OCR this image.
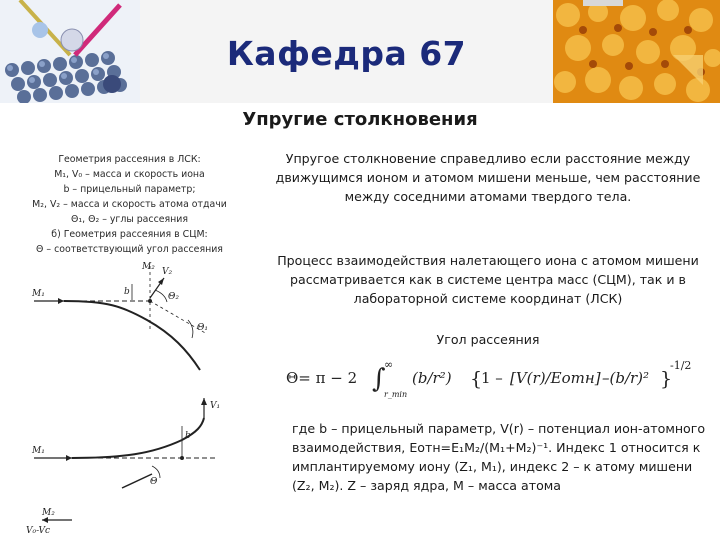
Кафедра 67
Упругие столкновения
Геометрия рассеяния в ЛСК:
M₁, V₀ – масса и скорость иона
b – прицельный параметр;
M₂, V₂ – масса и скорость атома отдачи
Θ₁, Θ₂ – углы рассеяния
б) Геометрия рассеяния в СЦМ:
Θ – соответствующий угол рассеяния
M₁
M₂
Θ₂
Θ₁
b
V₂
M₁
M₂
Θ
b
V₁
V₀-Vc
Упругое столкновение справедливо если расстояние между движущимся ионом и атомом мишени меньше, чем расстояние между соседними атомами твердого тела.
Процесс взаимодействия налетающего иона с атомом мишени рассматривается как в системе центра масс (СЦМ), так и в лабораторной системе координат (ЛСК)
Угол рассеяния
Θ= π − 2 ∫
∞
r_min
(b/r²) {
1 – [V(r)/Eотн] –(b/r)² }
-1/2
где b – прицельный параметр, V(r) – потенциал ион-атомного взаимодействия, Eотн=E₁M₂/(M₁+M₂)⁻¹. Индекс 1 относится к имплантируемому иону (Z₁, M₁), индекс 2 – к атому мишени (Z₂, M₂). Z – заряд ядра, M – масса атома
